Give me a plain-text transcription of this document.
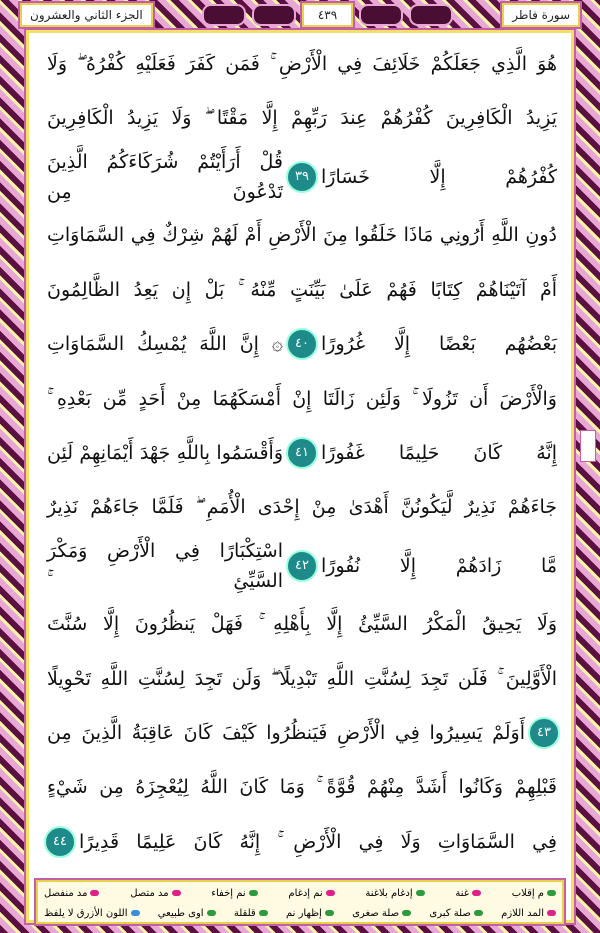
الجزء الثاني والعشرون	٤٣٩	سورة فاطر
هُوَ الَّذِي جَعَلَكُمْ خَلَائِفَ فِي الْأَرْضِ ۚ فَمَن كَفَرَ فَعَلَيْهِ كُفْرُهُ ۖ وَلَا
يَزِيدُ الْكَافِرِينَ كُفْرُهُمْ عِندَ رَبِّهِمْ إِلَّا مَقْتًا ۖ وَلَا يَزِيدُ الْكَافِرِينَ
كُفْرُهُمْ إِلَّا خَسَارًا
٣٩
قُلْ أَرَأَيْتُمْ شُرَكَاءَكُمُ الَّذِينَ تَدْعُونَ مِن
دُونِ اللَّهِ أَرُونِي مَاذَا خَلَقُوا مِنَ الْأَرْضِ أَمْ لَهُمْ شِرْكٌ فِي السَّمَاوَاتِ
أَمْ آتَيْنَاهُمْ كِتَابًا فَهُمْ عَلَىٰ بَيِّنَتٍ مِّنْهُ ۚ بَلْ إِن يَعِدُ الظَّالِمُونَ
بَعْضُهُم بَعْضًا إِلَّا غُرُورًا
٤٠
۞ إِنَّ اللَّهَ يُمْسِكُ السَّمَاوَاتِ
وَالْأَرْضَ أَن تَزُولَا ۚ وَلَئِن زَالَتَا إِنْ أَمْسَكَهُمَا مِنْ أَحَدٍ مِّن بَعْدِهِ ۚ
إِنَّهُ كَانَ حَلِيمًا غَفُورًا
٤١
وَأَقْسَمُوا بِاللَّهِ جَهْدَ أَيْمَانِهِمْ لَئِن
جَاءَهُمْ نَذِيرٌ لَّيَكُونُنَّ أَهْدَىٰ مِنْ إِحْدَى الْأُمَمِ ۖ فَلَمَّا جَاءَهُمْ نَذِيرٌ
مَّا زَادَهُمْ إِلَّا نُفُورًا
٤٢
اسْتِكْبَارًا فِي الْأَرْضِ وَمَكْرَ السَّيِّئِ ۚ
وَلَا يَحِيقُ الْمَكْرُ السَّيِّئُ إِلَّا بِأَهْلِهِ ۚ فَهَلْ يَنظُرُونَ إِلَّا سُنَّتَ
الْأَوَّلِينَ ۚ فَلَن تَجِدَ لِسُنَّتِ اللَّهِ تَبْدِيلًا ۖ وَلَن تَجِدَ لِسُنَّتِ اللَّهِ تَحْوِيلًا
٤٣
أَوَلَمْ يَسِيرُوا فِي الْأَرْضِ فَيَنظُرُوا كَيْفَ كَانَ عَاقِبَةُ الَّذِينَ مِن
قَبْلِهِمْ وَكَانُوا أَشَدَّ مِنْهُمْ قُوَّةً ۚ وَمَا كَانَ اللَّهُ لِيُعْجِزَهُ مِن شَيْءٍ
فِي السَّمَاوَاتِ وَلَا فِي الْأَرْضِ ۚ إِنَّهُ كَانَ عَلِيمًا قَدِيرًا
٤٤
م إقلاب
غنة
إدغام بلاغنة
نم إدغام
نم إخفاء
مد متصل
مد منفصل
المد اللازم
صلة كبرى
صلة صغرى
إظهار نم
قلقلة
اوى طبيعي
اللون الأزرق لا يلفظ
